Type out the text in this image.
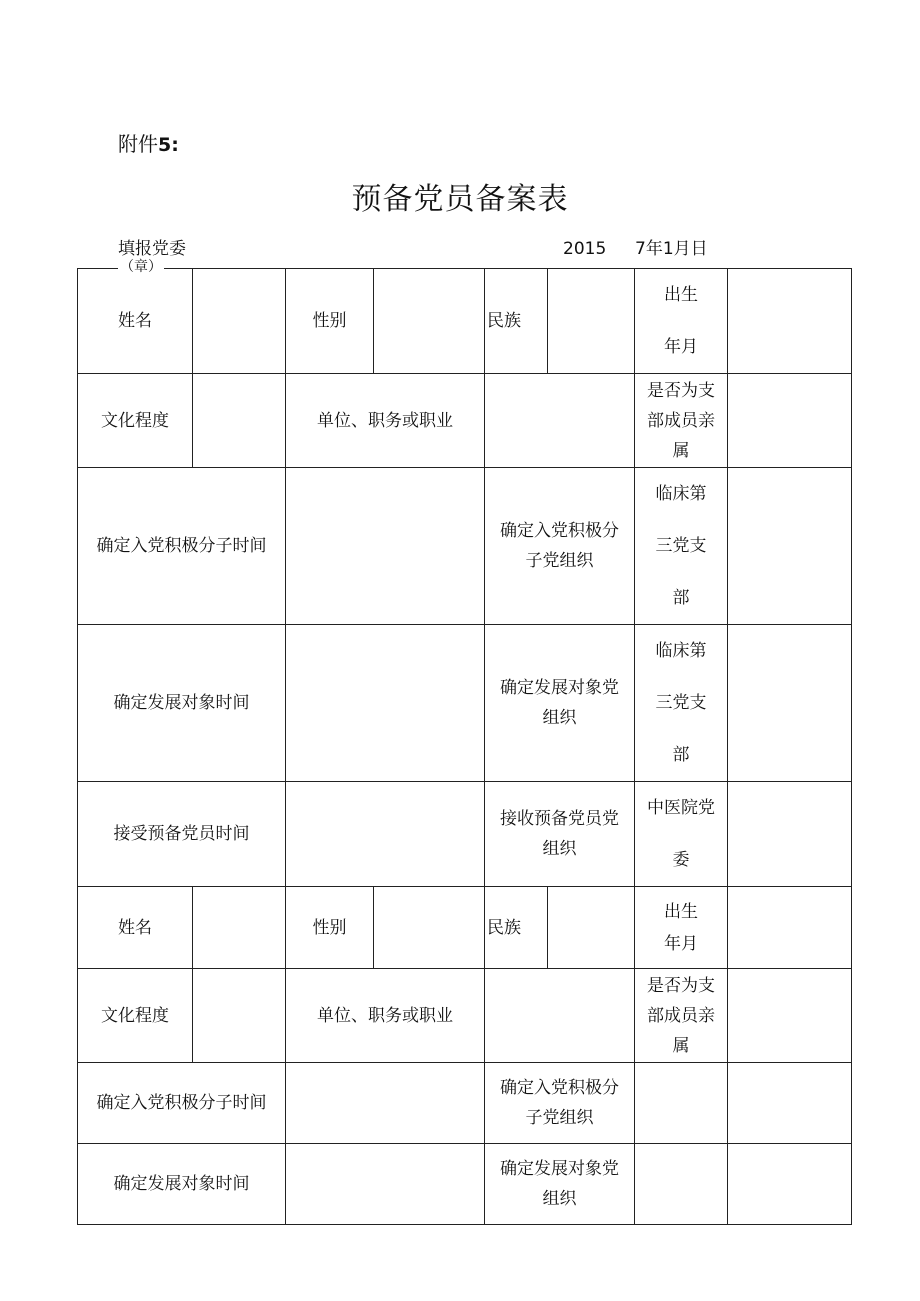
附件5:
预备党员备案表
填报党委
（章）
2015 7年1月日
姓名		性别		民族		出生
年月	

文化程度		单位、职务或职业				是否为支
部成员亲
属	

确定入党积极分子时间				确定入党积极分
子党组织		临床第
三党支
部	

确定发展对象时间				确定发展对象党
组织		临床第
三党支
部	

接受预备党员时间				接收预备党员党
组织		中医院党
委	

姓名		性别		民族		出生
年月	

文化程度		单位、职务或职业				是否为支
部成员亲
属	

确定入党积极分子时间				确定入党积极分
子党组织			

确定发展对象时间				确定发展对象党
组织			
